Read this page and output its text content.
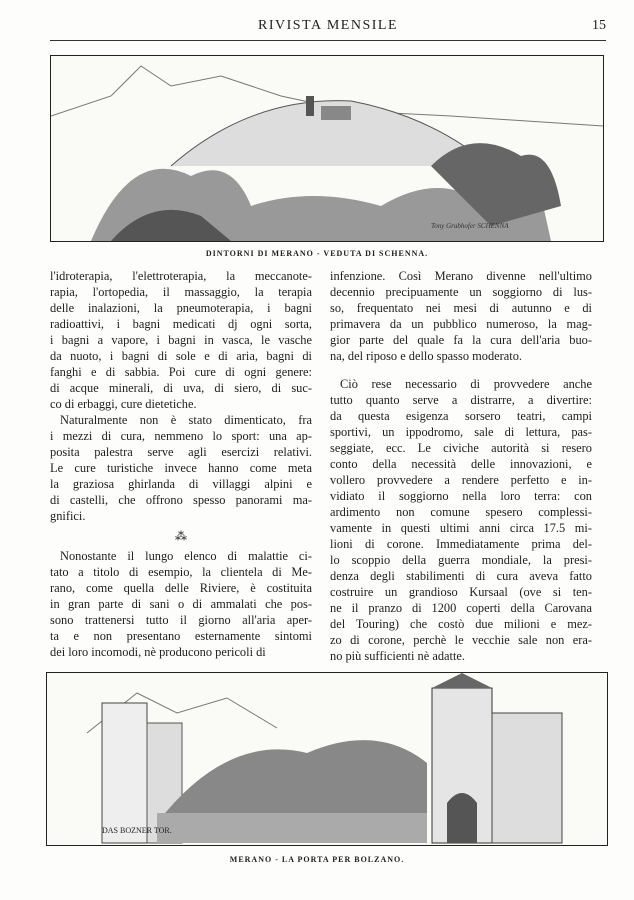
RIVISTA MENSILE	15
Tony Grubhofer SCHENNA
DINTORNI DI MERANO - VEDUTA DI SCHENNA.
l'idroterapia, l'elettroterapia, la meccanote-
rapia, l'ortopedia, il massaggio, la terapia
delle inalazioni, la pneumoterapia, i bagni
radioattivi, i bagni medicati dj ogni sorta,
i bagni a vapore, i bagni in vasca, le vasche
da nuoto, i bagni di sole e di aria, bagni di
fanghi e di sabbia. Poi cure di ogni genere:
di acque minerali, di uva, di siero, di suc-
co di erbaggi, cure dietetiche.
Naturalmente non è stato dimenticato, fra
i mezzi di cura, nemmeno lo sport: una ap-
posita palestra serve agli esercizi relativi.
Le cure turistiche invece hanno come meta
la graziosa ghirlanda di villaggi alpini e
di castelli, che offrono spesso panorami ma-
gnifici.
⁂
Nonostante il lungo elenco di malattie ci-
tato a titolo di esempio, la clientela di Me-
rano, come quella delle Riviere, è costituita
in gran parte di sani o di ammalati che pos-
sono trattenersi tutto il giorno all'aria aper-
ta e non presentano esternamente sintomi
dei loro incomodi, nè producono pericoli di
infenzione. Così Merano divenne nell'ultimo
decennio precipuamente un soggiorno di lus-
so, frequentato nei mesi di autunno e di
primavera da un pubblico numeroso, la mag-
gior parte del quale fa la cura dell'aria buo-
na, del riposo e dello spasso moderato.
Ciò rese necessario di provvedere anche
tutto quanto serve a distrarre, a divertire:
da questa esigenza sorsero teatri, campi
sportivi, un ippodromo, sale di lettura, pas-
seggiate, ecc. Le civiche autorità si resero
conto della necessità delle innovazioni, e
vollero provvedere a rendere perfetto e in-
vidiato il soggiorno nella loro terra: con
ardimento non comune spesero complessi-
vamente in questi ultimi anni circa 17.5 mi-
lioni di corone. Immediatamente prima del-
lo scoppio della guerra mondiale, la presi-
denza degli stabilimenti di cura aveva fatto
costruire un grandioso Kursaal (ove si ten-
ne il pranzo di 1200 coperti della Carovana
del Touring) che costò due milioni e mez-
zo di corone, perchè le vecchie sale non era-
no più sufficienti nè adatte.
DAS BOZNER TOR.
MERANO - LA PORTA PER BOLZANO.
